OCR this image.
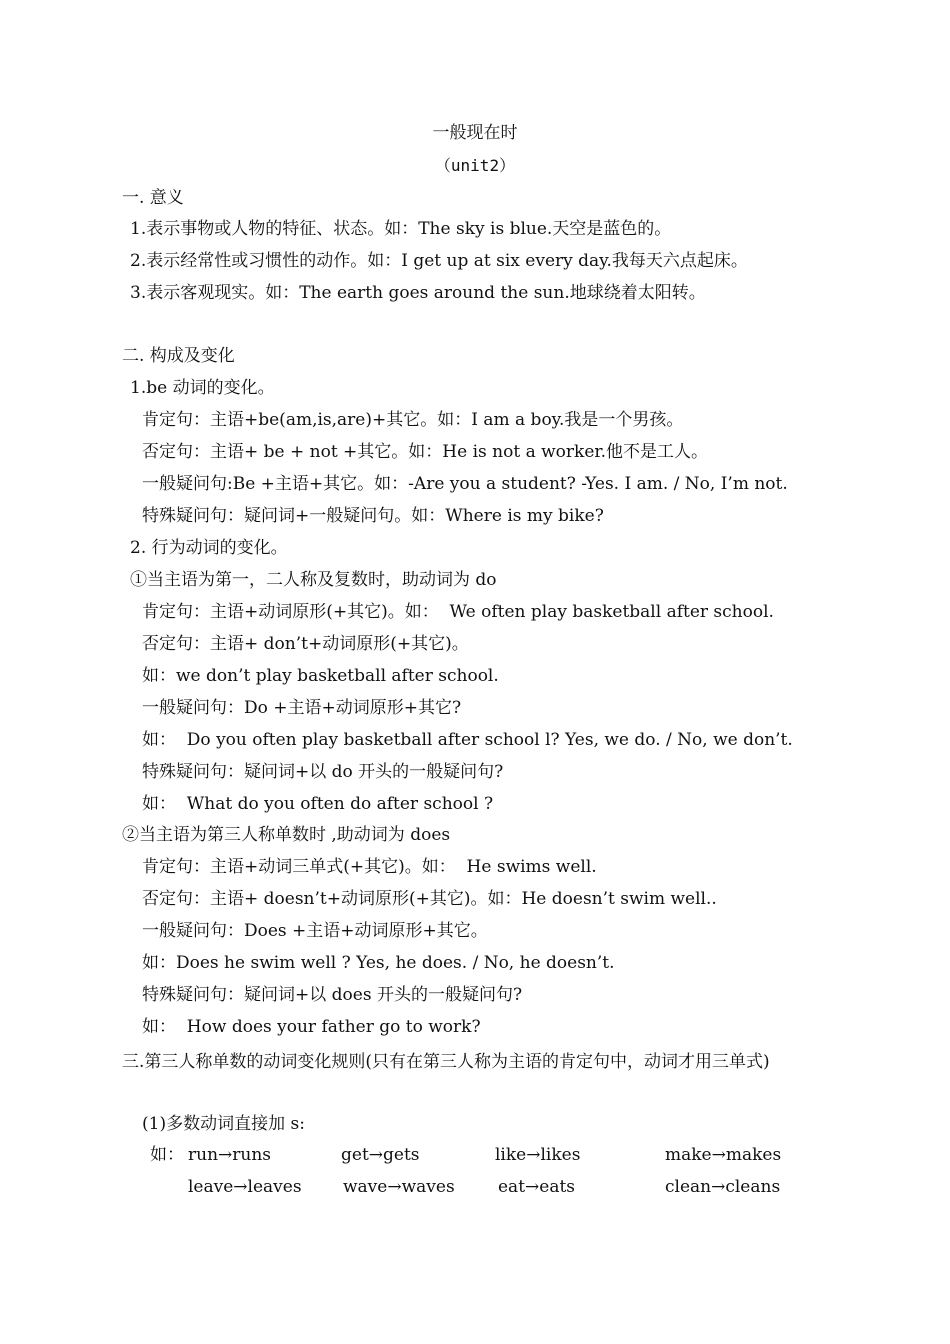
一般现在时
（unit2）
一. 意义
1.表示事物或人物的特征、状态。如：The sky is blue.天空是蓝色的。
2.表示经常性或习惯性的动作。如：I get up at six every day.我每天六点起床。
3.表示客观现实。如：The earth goes around the sun.地球绕着太阳转。
二. 构成及变化
1.be 动词的变化。
肯定句：主语+be(am,is,are)+其它。如：I am a boy.我是一个男孩。
否定句：主语+ be + not +其它。如：He is not a worker.他不是工人。
一般疑问句:Be +主语+其它。如：-Are you a student? -Yes. I am. / No, I’m not.
特殊疑问句：疑问词+一般疑问句。如：Where is my bike?
2. 行为动词的变化。
①当主语为第一，二人称及复数时，助动词为 do
肯定句：主语+动词原形(+其它)。如：  We often play basketball after school.
否定句：主语+ don’t+动词原形(+其它)。
如：we don’t play basketball after school.
一般疑问句：Do +主语+动词原形+其它?
如：  Do you often play basketball after school l? Yes, we do. / No, we don’t.
特殊疑问句：疑问词+以 do 开头的一般疑问句?
如：  What do you often do after school ?
②当主语为第三人称单数时 ,助动词为 does
肯定句：主语+动词三单式(+其它)。如：  He swims well.
否定句：主语+ doesn’t+动词原形(+其它)。如：He doesn’t swim well..
一般疑问句：Does +主语+动词原形+其它。
如：Does he swim well ? Yes, he does. / No, he doesn’t.
特殊疑问句：疑问词+以 does 开头的一般疑问句?
如：  How does your father go to work?
三.第三人称单数的动词变化规则(只有在第三人称为主语的肯定句中，动词才用三单式)
(1)多数动词直接加 s:
如： run→runs	get→gets	like→likes	make→makes
leave→leaves wave→waves	eat→eats	clean→cleans
